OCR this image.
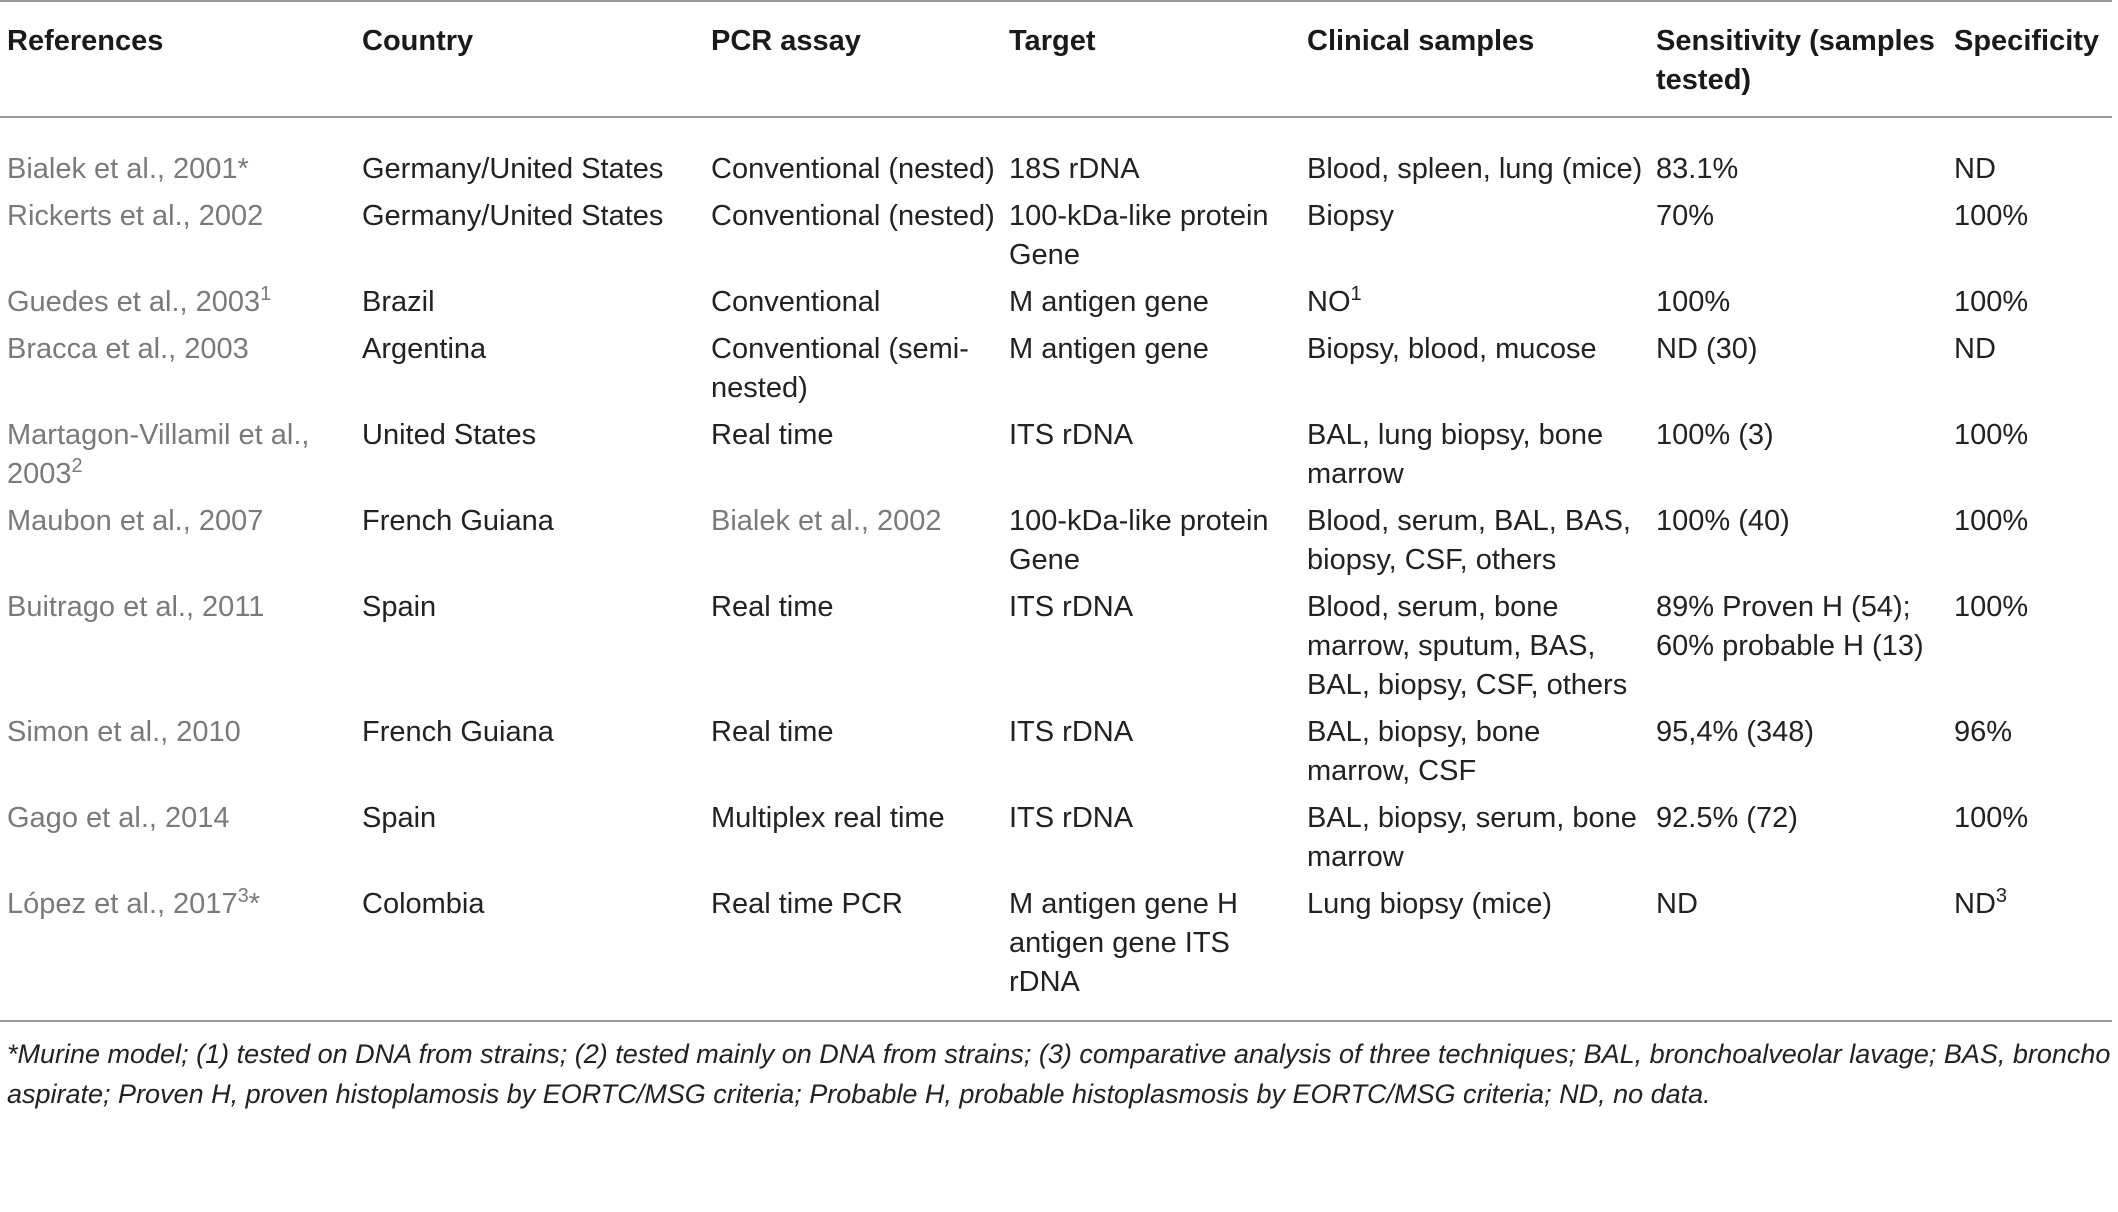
References	Country	PCR assay	Target	Clinical samples	Sensitivity (samples tested)	Specificity
Bialek et al., 2001*	Germany/United States	Conventional (nested)	18S rDNA	Blood, spleen, lung (mice)	83.1%	ND
Rickerts et al., 2002	Germany/United States	Conventional (nested)	100-kDa-like protein Gene	Biopsy	70%	100%
Guedes et al., 2003$^1$	Brazil	Conventional	M antigen gene	$NO^1$	100%	100%
Bracca et al., 2003	Argentina	Conventional (semi-nested)	M antigen gene	Biopsy, blood, mucose	ND (30)	ND
Martagon-Villamil et al., 2003$^2$	United States	Real time	ITS rDNA	BAL, lung biopsy, bone marrow	100% (3)	100%
Maubon et al., 2007	French Guiana	Bialek et al., 2002	100-kDa-like protein Gene	Blood, serum, BAL, BAS, biopsy, CSF, others	100% (40)	100%
Buitrago et al., 2011	Spain	Real time	ITS rDNA	Blood, serum, bone marrow, sputum, BAS, BAL, biopsy, CSF, others	89% Proven H (54); 60% probable H (13)	100%
Simon et al., 2010	French Guiana	Real time	ITS rDNA	BAL, biopsy, bone marrow, CSF	95,4% (348)	96%
Gago et al., 2014	Spain	Multiplex real time	ITS rDNA	BAL, biopsy, serum, bone marrow	92.5% (72)	100%
López et al., 2017$^3$*	Colombia	Real time PCR	M antigen gene H antigen gene ITS rDNA	Lung biopsy (mice)	ND	$ND^3$
*Murine model; (1) tested on DNA from strains; (2) tested mainly on DNA from strains; (3) comparative analysis of three techniques; BAL, bronchoalveolar lavage; BAS, broncho aspirate; Proven H, proven histoplamosis by EORTC/MSG criteria; Probable H, probable histoplasmosis by EORTC/MSG criteria; ND, no data.
